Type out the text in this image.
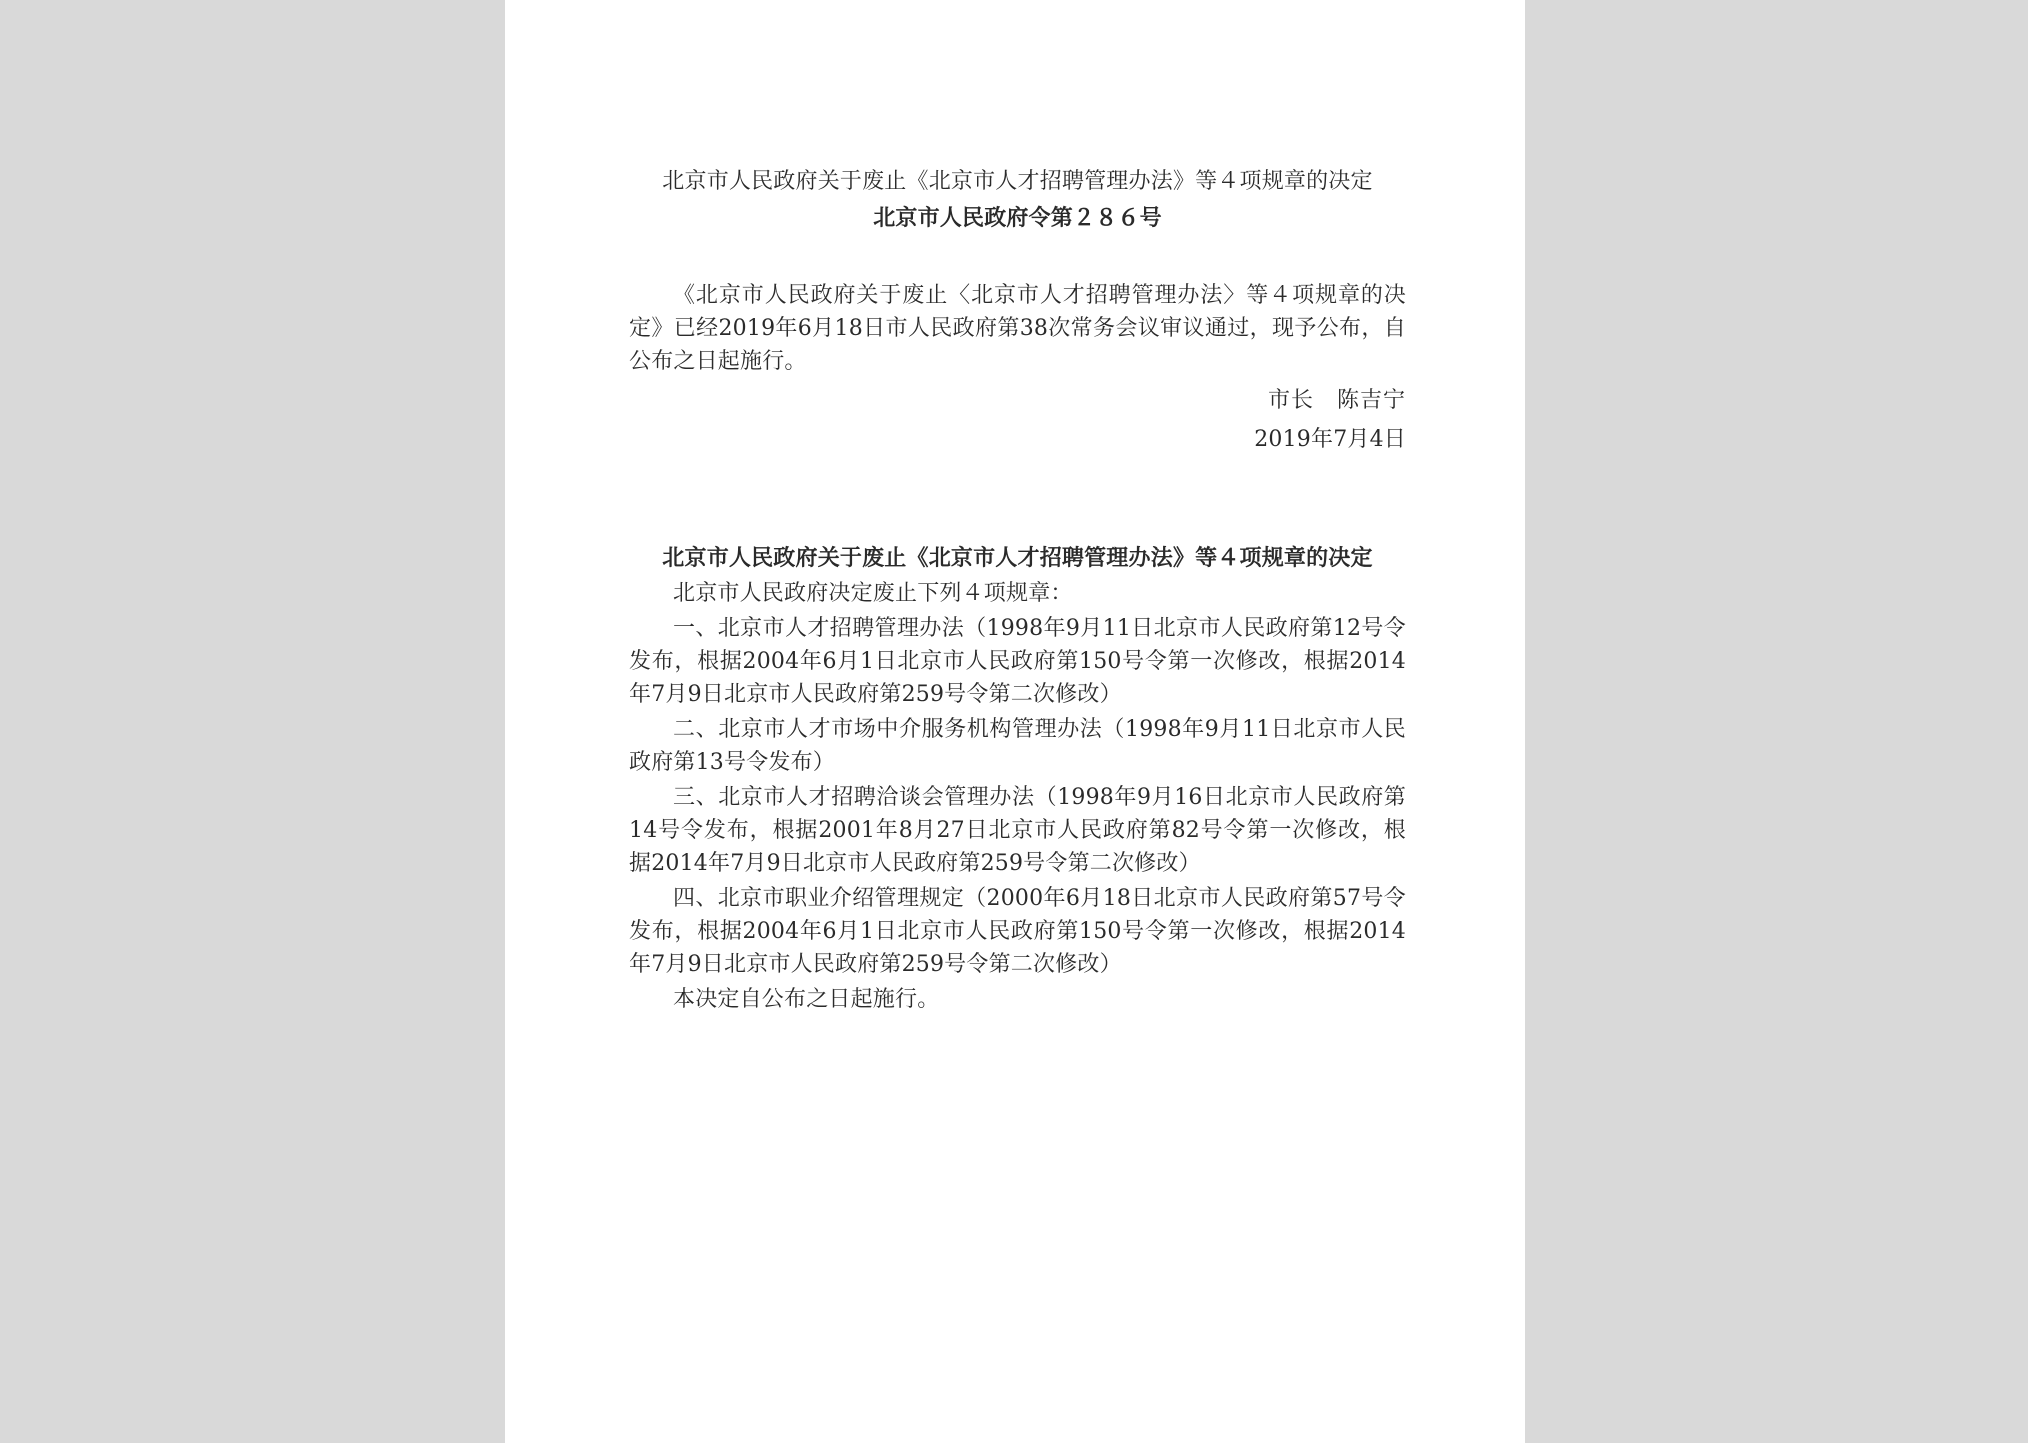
北京市人民政府关于废止《北京市人才招聘管理办法》等４项规章的决定
北京市人民政府令第２８６号

《北京市人民政府关于废止〈北京市人才招聘管理办法〉等４项规章的决定》已经2019年6月18日市人民政府第38次常务会议审议通过，现予公布，自公布之日起施行。

市长　陈吉宁
2019年7月4日
北京市人民政府关于废止《北京市人才招聘管理办法》等４项规章的决定

北京市人民政府决定废止下列４项规章：

一、北京市人才招聘管理办法（1998年9月11日北京市人民政府第12号令发布，根据2004年6月1日北京市人民政府第150号令第一次修改，根据2014年7月9日北京市人民政府第259号令第二次修改）

二、北京市人才市场中介服务机构管理办法（1998年9月11日北京市人民政府第13号令发布）

三、北京市人才招聘洽谈会管理办法（1998年9月16日北京市人民政府第14号令发布，根据2001年8月27日北京市人民政府第82号令第一次修改，根据2014年7月9日北京市人民政府第259号令第二次修改）

四、北京市职业介绍管理规定（2000年6月18日北京市人民政府第57号令发布，根据2004年6月1日北京市人民政府第150号令第一次修改，根据2014年7月9日北京市人民政府第259号令第二次修改）

本决定自公布之日起施行。
